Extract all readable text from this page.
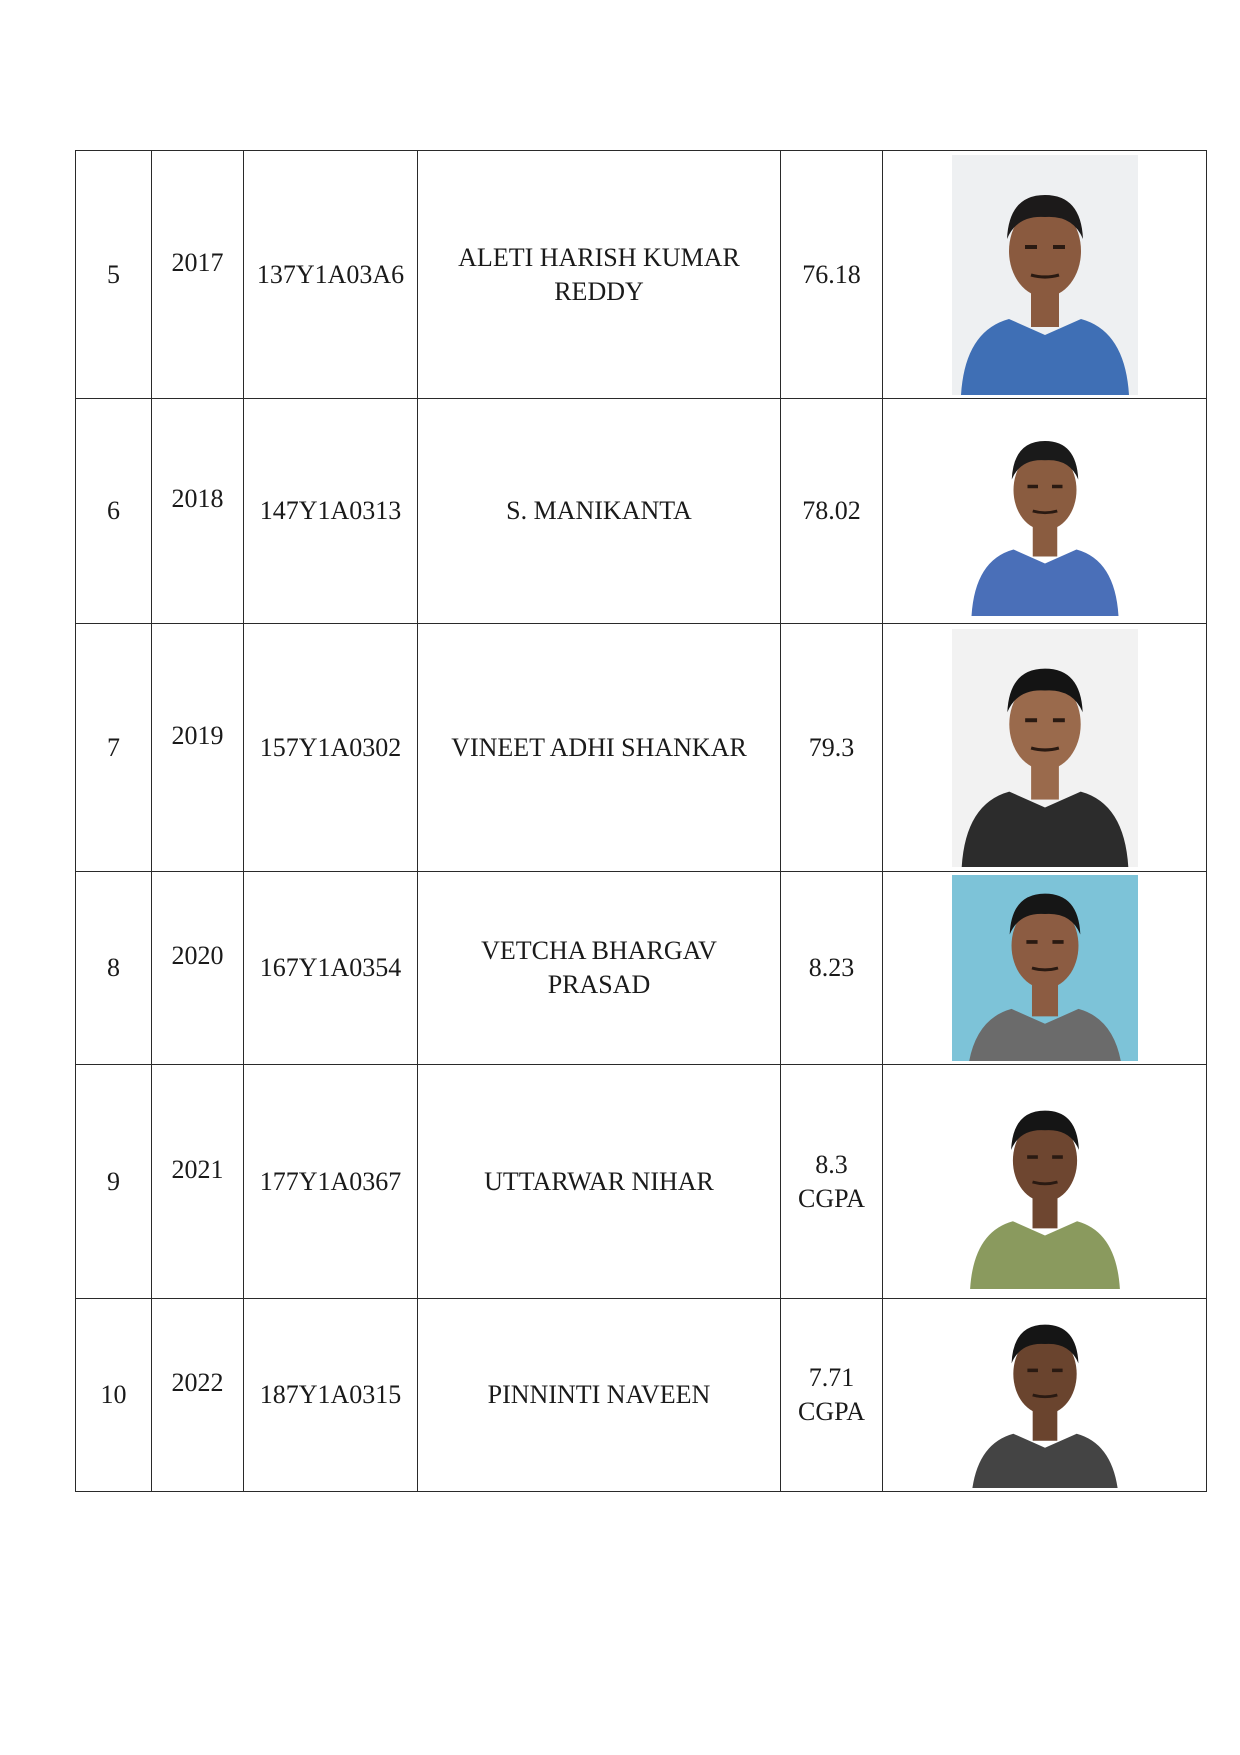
5	2017	137Y1A03A6	ALETI HARISH KUMAR REDDY	76.18	

6	2018	147Y1A0313	S. MANIKANTA	78.02	

7	2019	157Y1A0302	VINEET ADHI SHANKAR	79.3	

8	2020	167Y1A0354	VETCHA BHARGAV PRASAD	8.23	

9	2021	177Y1A0367	UTTARWAR NIHAR	8.3
CGPA	

10	2022	187Y1A0315	PINNINTI NAVEEN	7.71
CGPA	
